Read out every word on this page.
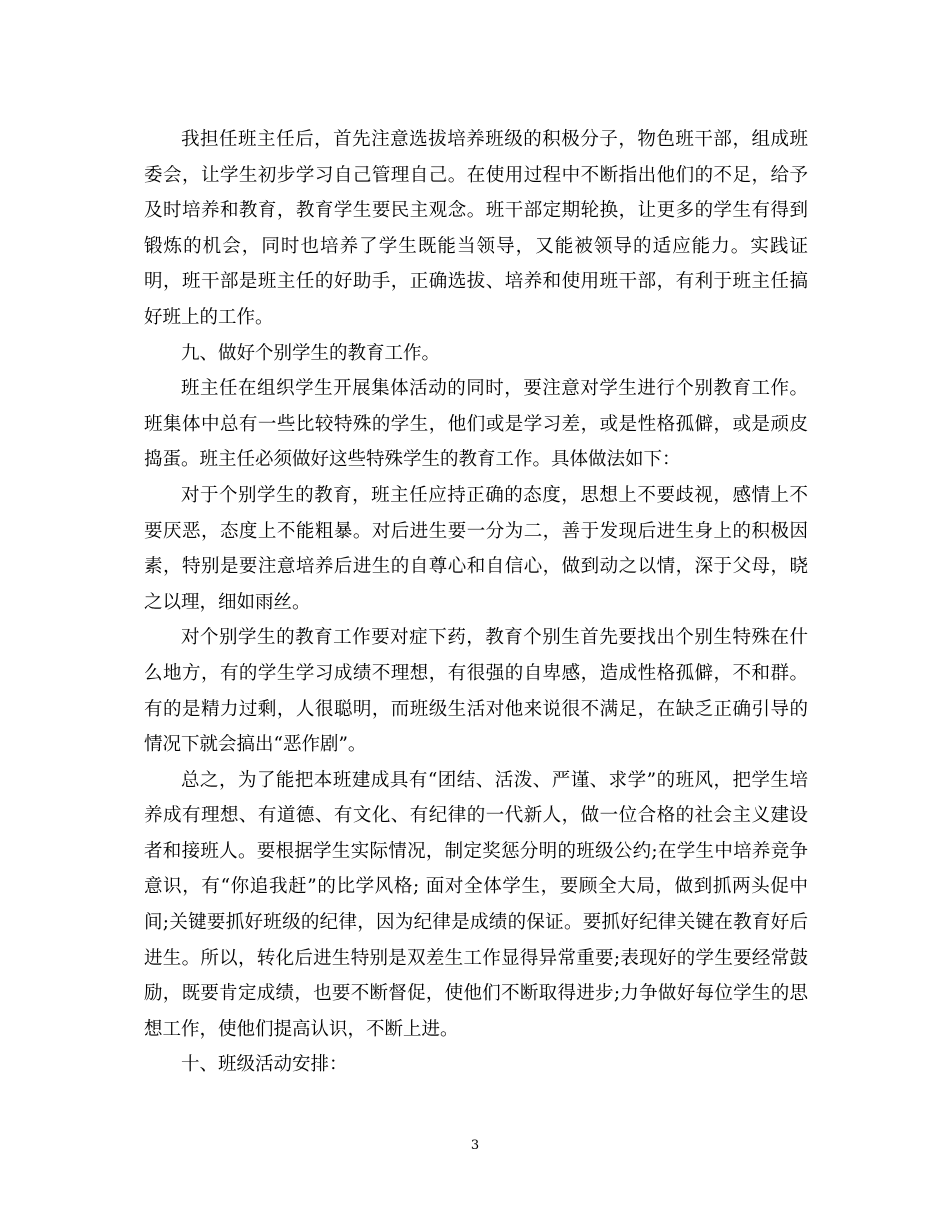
我担任班主任后，首先注意选拔培养班级的积极分子，物色班干部，组成班委会，让学生初步学习自己管理自己。在使用过程中不断指出他们的不足，给予及时培养和教育，教育学生要民主观念。班干部定期轮换，让更多的学生有得到锻炼的机会，同时也培养了学生既能当领导，又能被领导的适应能力。实践证明，班干部是班主任的好助手，正确选拔、培养和使用班干部，有利于班主任搞好班上的工作。

九、做好个别学生的教育工作。

班主任在组织学生开展集体活动的同时，要注意对学生进行个别教育工作。班集体中总有一些比较特殊的学生，他们或是学习差，或是性格孤僻，或是顽皮捣蛋。班主任必须做好这些特殊学生的教育工作。具体做法如下：

对于个别学生的教育，班主任应持正确的态度，思想上不要歧视，感情上不要厌恶，态度上不能粗暴。对后进生要一分为二，善于发现后进生身上的积极因素，特别是要注意培养后进生的自尊心和自信心，做到动之以情，深于父母，晓之以理，细如雨丝。

对个别学生的教育工作要对症下药，教育个别生首先要找出个别生特殊在什么地方，有的学生学习成绩不理想，有很强的自卑感，造成性格孤僻，不和群。有的是精力过剩，人很聪明，而班级生活对他来说很不满足，在缺乏正确引导的情况下就会搞出“恶作剧”。

总之，为了能把本班建成具有“团结、活泼、严谨、求学”的班风，把学生培养成有理想、有道德、有文化、有纪律的一代新人，做一位合格的社会主义建设者和接班人。要根据学生实际情况，制定奖惩分明的班级公约;在学生中培养竞争意识，有“你追我赶”的比学风格; 面对全体学生，要顾全大局，做到抓两头促中间;关键要抓好班级的纪律，因为纪律是成绩的保证。要抓好纪律关键在教育好后进生。所以，转化后进生特别是双差生工作显得异常重要;表现好的学生要经常鼓励，既要肯定成绩，也要不断督促，使他们不断取得进步;力争做好每位学生的思想工作，使他们提高认识，不断上进。

十、班级活动安排：

3
